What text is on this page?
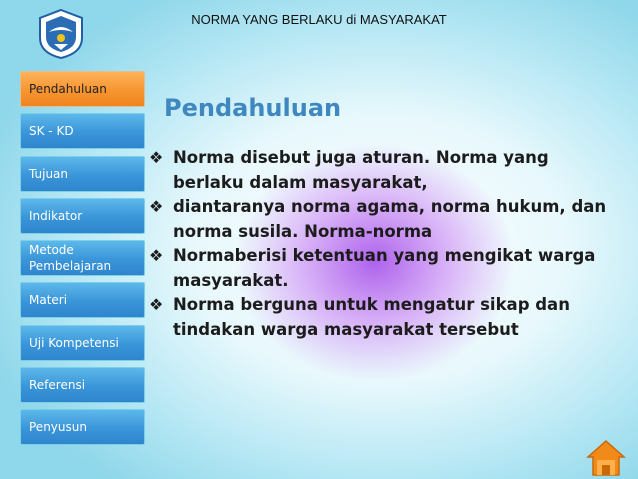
NORMA YANG BERLAKU di MASYARAKAT
Pendahuluan
SK - KD
Tujuan
Indikator
Metode Pembelajaran
Materi
Uji Kompetensi
Referensi
Penyusun
Pendahuluan
❖ Norma disebut juga aturan. Norma yang berlaku dalam masyarakat,
❖ diantaranya norma agama, norma hukum, dan norma susila. Norma-norma
❖ Normaberisi ketentuan yang mengikat warga masyarakat.
❖ Norma berguna untuk mengatur sikap dan tindakan warga masyarakat tersebut
